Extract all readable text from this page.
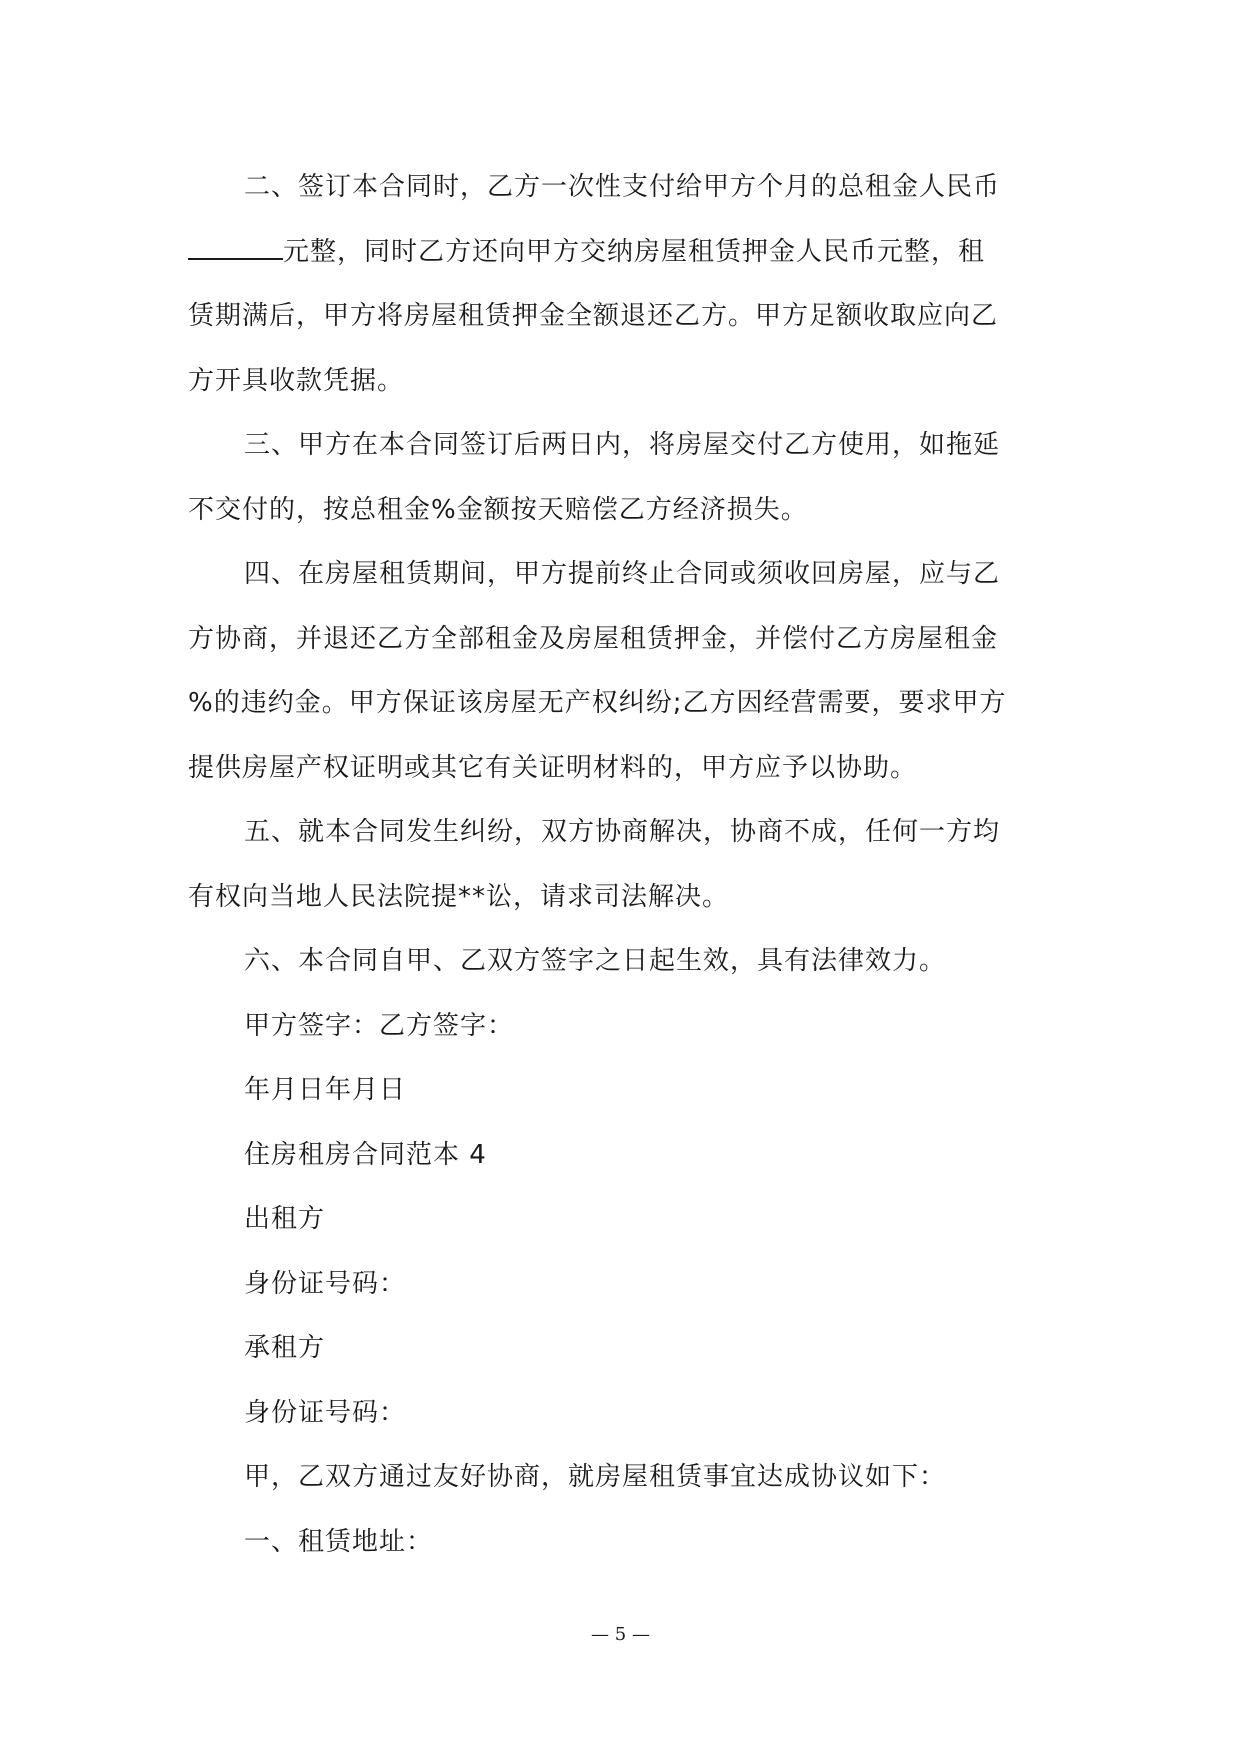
二、签订本合同时，乙方一次性支付给甲方个月的总租金人民币
元整，同时乙方还向甲方交纳房屋租赁押金人民币元整，租
赁期满后，甲方将房屋租赁押金全额退还乙方。甲方足额收取应向乙
方开具收款凭据。

三、甲方在本合同签订后两日内，将房屋交付乙方使用，如拖延
不交付的，按总租金%金额按天赔偿乙方经济损失。

四、在房屋租赁期间，甲方提前终止合同或须收回房屋，应与乙
方协商，并退还乙方全部租金及房屋租赁押金，并偿付乙方房屋租金
%的违约金。甲方保证该房屋无产权纠纷;乙方因经营需要，要求甲方
提供房屋产权证明或其它有关证明材料的，甲方应予以协助。

五、就本合同发生纠纷，双方协商解决，协商不成，任何一方均
有权向当地人民法院提**讼，请求司法解决。

六、本合同自甲、乙双方签字之日起生效，具有法律效力。

甲方签字：乙方签字：

年月日年月日

住房租房合同范本 4

出租方

身份证号码：

承租方

身份证号码：

甲，乙双方通过友好协商，就房屋租赁事宜达成协议如下：

一、租赁地址：

— 5 —
